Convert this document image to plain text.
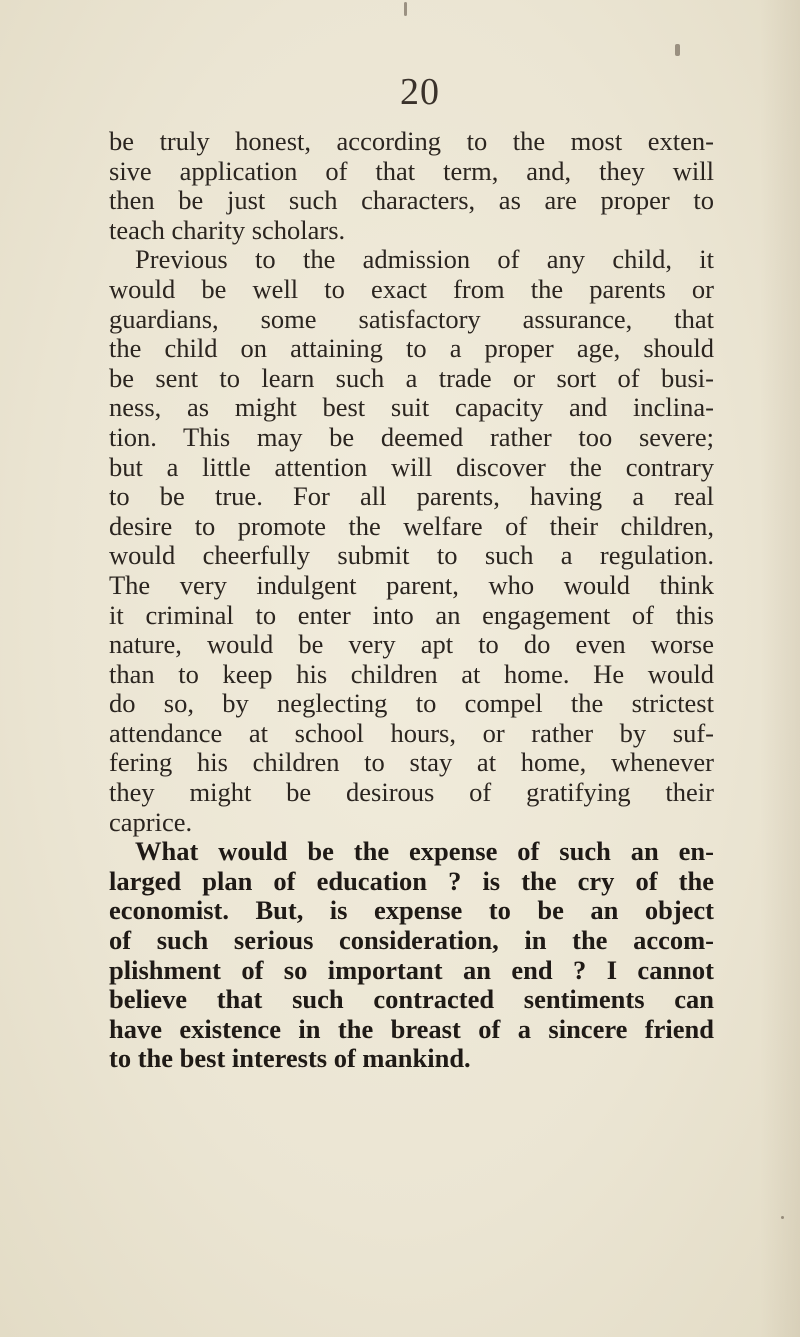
20
be truly honest, according to the most exten-
sive application of that term, and, they will
then be just such characters, as are proper to
teach charity scholars.
Previous to the admission of any child, it
would be well to exact from the parents or
guardians, some satisfactory assurance, that
the child on attaining to a proper age, should
be sent to learn such a trade or sort of busi-
ness, as might best suit capacity and inclina-
tion. This may be deemed rather too severe;
but a little attention will discover the contrary
to be true. For all parents, having a real
desire to promote the welfare of their children,
would cheerfully submit to such a regulation.
The very indulgent parent, who would think
it criminal to enter into an engagement of this
nature, would be very apt to do even worse
than to keep his children at home. He would
do so, by neglecting to compel the strictest
attendance at school hours, or rather by suf-
fering his children to stay at home, whenever
they might be desirous of gratifying their
caprice.
What would be the expense of such an en-
larged plan of education ? is the cry of the
economist. But, is expense to be an object
of such serious consideration, in the accom-
plishment of so important an end ? I cannot
believe that such contracted sentiments can
have existence in the breast of a sincere friend
to the best interests of mankind.
